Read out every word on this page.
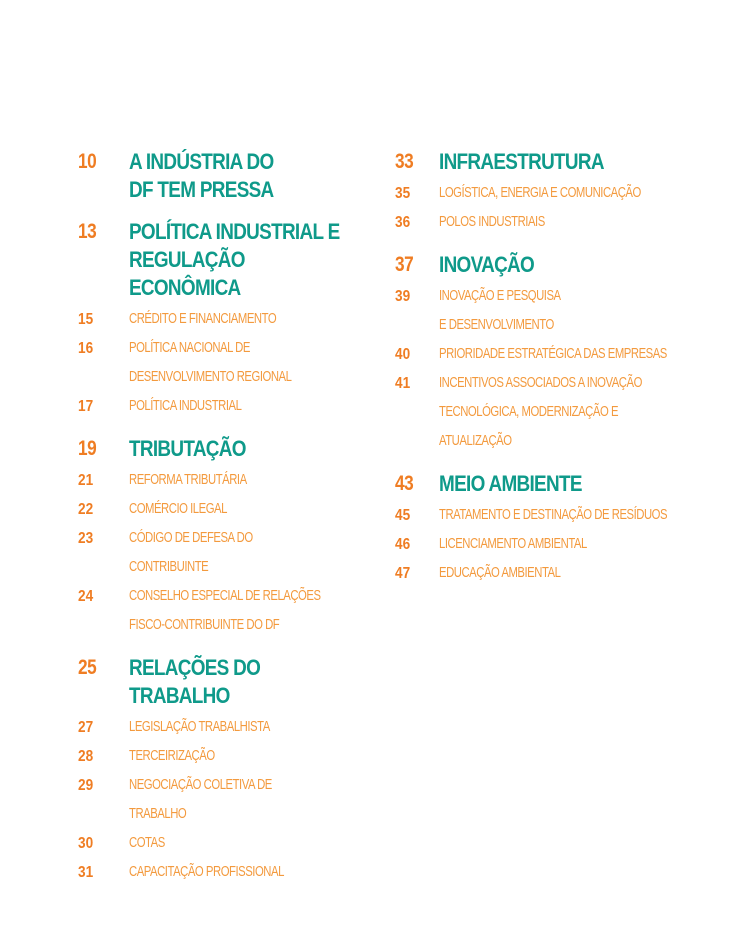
10	A INDÚSTRIA DO
DF TEM PRESSA
13	POLÍTICA INDUSTRIAL E
REGULAÇÃO ECONÔMICA
15	CRÉDITO E FINANCIAMENTO
16	POLÍTICA NACIONAL DE
DESENVOLVIMENTO REGIONAL
17	POLÍTICA INDUSTRIAL
19	TRIBUTAÇÃO
21	REFORMA TRIBUTÁRIA
22	COMÉRCIO ILEGAL
23	CÓDIGO DE DEFESA DO CONTRIBUINTE
24	CONSELHO ESPECIAL DE RELAÇÕES
FISCO-CONTRIBUINTE DO DF
25	RELAÇÕES DO TRABALHO
27	LEGISLAÇÃO TRABALHISTA
28	TERCEIRIZAÇÃO
29	NEGOCIAÇÃO COLETIVA DE TRABALHO
30	COTAS
31	CAPACITAÇÃO PROFISSIONAL
33	INFRAESTRUTURA
35	LOGÍSTICA, ENERGIA E COMUNICAÇÃO
36	POLOS INDUSTRIAIS
37	INOVAÇÃO
39	INOVAÇÃO E PESQUISA
E DESENVOLVIMENTO
40	PRIORIDADE ESTRATÉGICA DAS EMPRESAS
41	INCENTIVOS ASSOCIADOS A INOVAÇÃO
TECNOLÓGICA, MODERNIZAÇÃO E
ATUALIZAÇÃO
43	MEIO AMBIENTE
45	TRATAMENTO E DESTINAÇÃO DE RESÍDUOS
46	LICENCIAMENTO AMBIENTAL
47	EDUCAÇÃO AMBIENTAL
